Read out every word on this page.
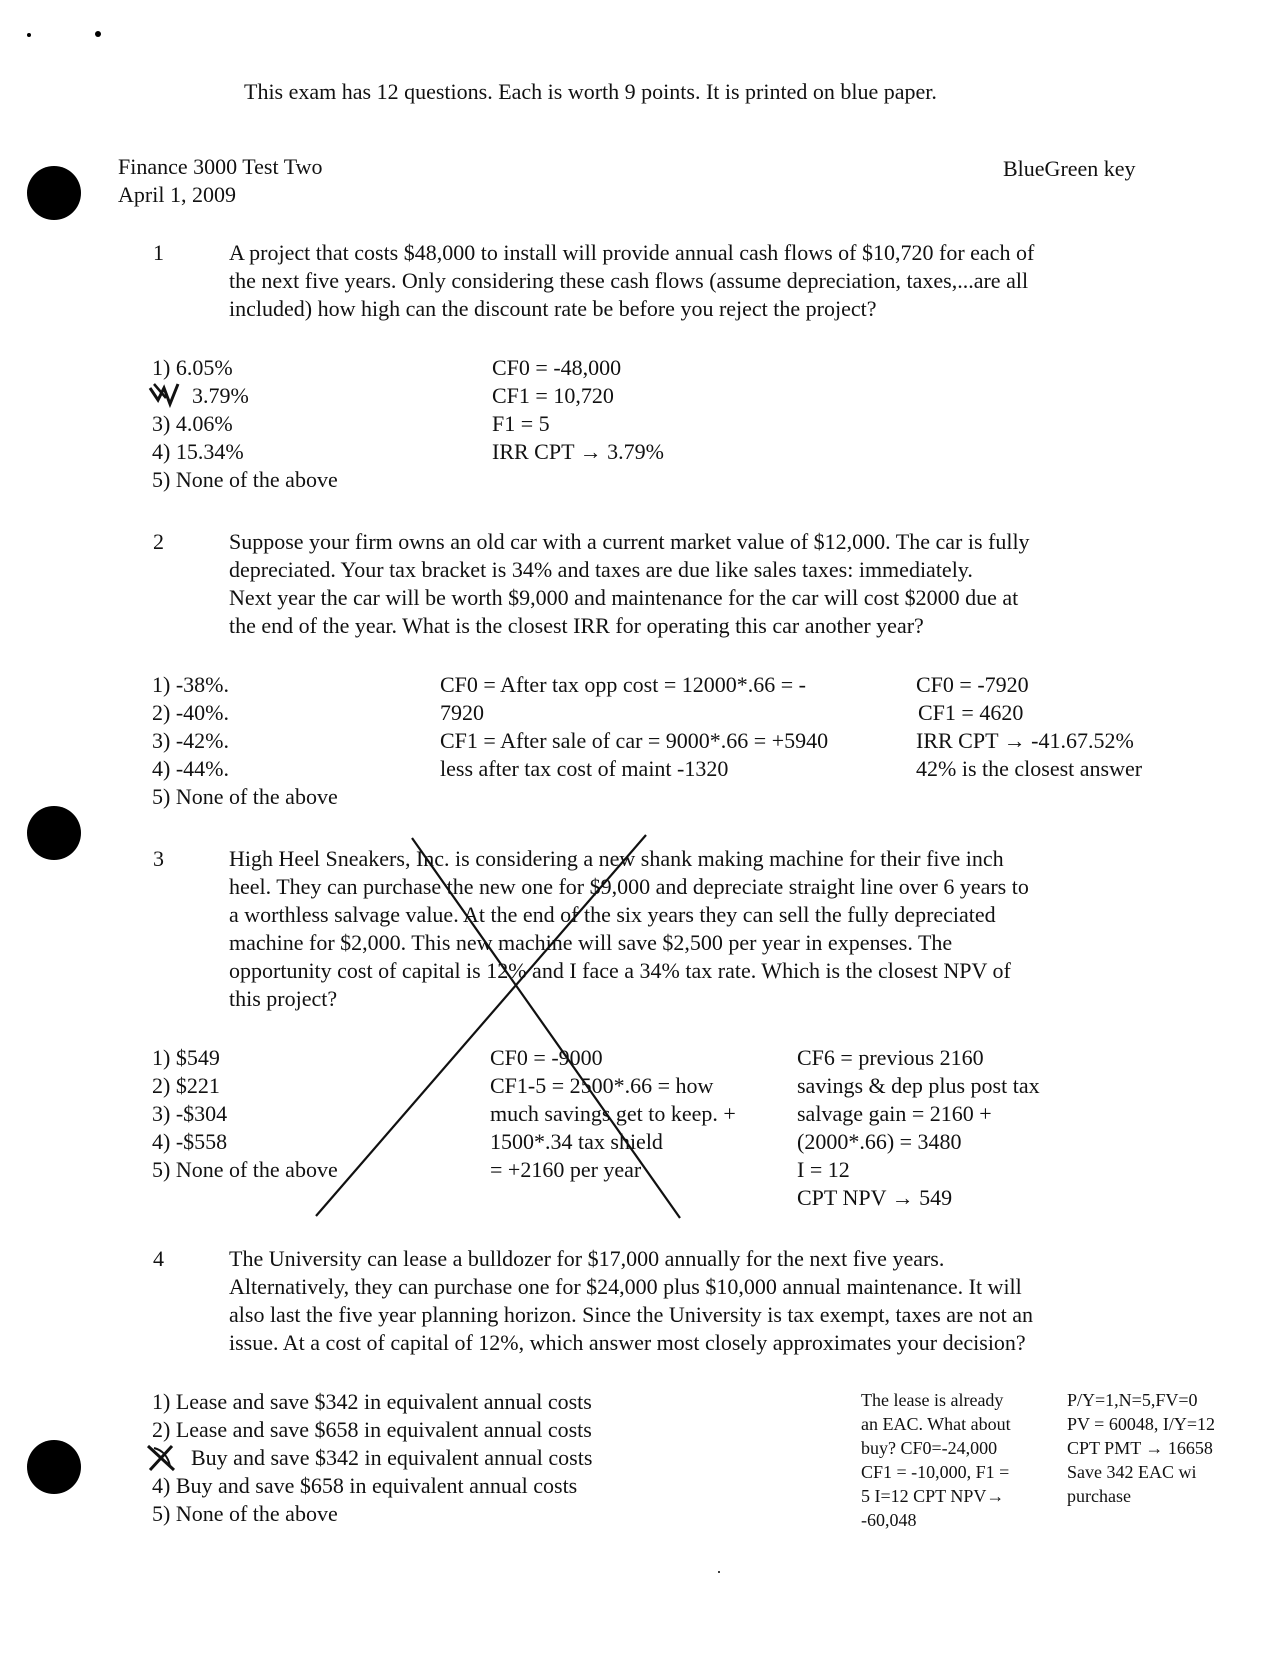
This exam has 12 questions. Each is worth 9 points. It is printed on blue paper.
Finance 3000 Test Two
April 1, 2009
BlueGreen key
1	A project that costs $48,000 to install will provide annual cash flows of $10,720 for each of
the next five years. Only considering these cash flows (assume depreciation, taxes,...are all
included) how high can the discount rate be before you reject the project?
1) 6.05%
3.79%
3) 4.06%
4) 15.34%
5) None of the above
CF0 = -48,000
CF1 = 10,720
F1 = 5
IRR CPT → 3.79%
2	Suppose your firm owns an old car with a current market value of $12,000. The car is fully
depreciated. Your tax bracket is 34% and taxes are due like sales taxes: immediately.
Next year the car will be worth $9,000 and maintenance for the car will cost $2000 due at
the end of the year. What is the closest IRR for operating this car another year?
1) -38%.
2) -40%.
3) -42%.
4) -44%.
5) None of the above
CF0 = After tax opp cost = 12000*.66 = -
7920
CF1 = After sale of car = 9000*.66 = +5940
less after tax cost of maint -1320
CF0 = -7920
CF1 = 4620
IRR CPT → -41.67.52%
42% is the closest answer
3	High Heel Sneakers, Inc. is considering a new shank making machine for their five inch
heel. They can purchase the new one for $9,000 and depreciate straight line over 6 years to
a worthless salvage value. At the end of the six years they can sell the fully depreciated
machine for $2,000. This new machine will save $2,500 per year in expenses. The
opportunity cost of capital is 12% and I face a 34% tax rate. Which is the closest NPV of
this project?
1) $549
2) $221
3) -$304
4) -$558
5) None of the above
CF0 = -9000
CF1-5 = 2500*.66 = how
much savings get to keep. +
1500*.34 tax shield
= +2160 per year
CF6 = previous 2160
savings & dep plus post tax
salvage gain = 2160 +
(2000*.66) = 3480
I = 12
CPT NPV → 549
4	The University can lease a bulldozer for $17,000 annually for the next five years.
Alternatively, they can purchase one for $24,000 plus $10,000 annual maintenance. It will
also last the five year planning horizon. Since the University is tax exempt, taxes are not an
issue. At a cost of capital of 12%, which answer most closely approximates your decision?
1) Lease and save $342 in equivalent annual costs
2) Lease and save $658 in equivalent annual costs
Buy and save $342 in equivalent annual costs
4) Buy and save $658 in equivalent annual costs
5) None of the above
The lease is already
an EAC. What about
buy? CF0=-24,000
CF1 = -10,000, F1 =
5 I=12 CPT NPV→
-60,048
P/Y=1,N=5,FV=0
PV = 60048, I/Y=12
CPT PMT → 16658
Save 342 EAC wi
purchase
